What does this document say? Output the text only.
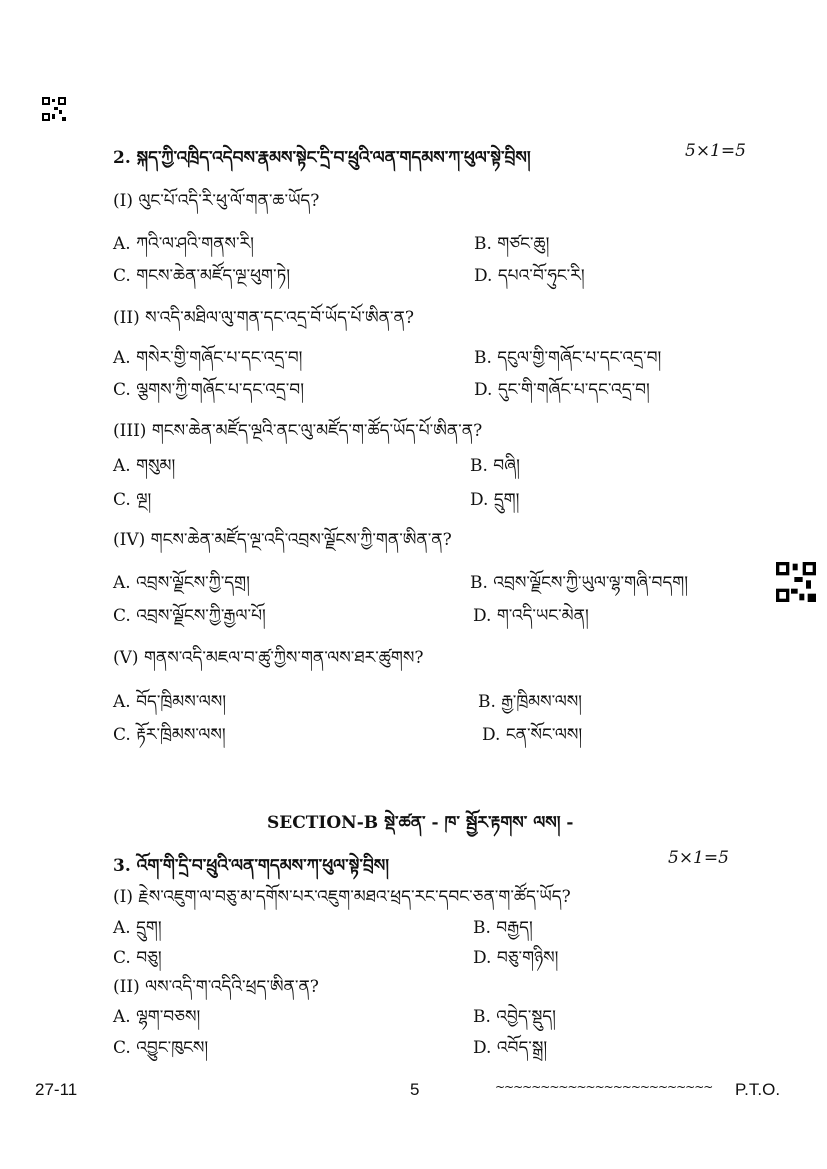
2. སྐད་ཀྱི་འཁྲིད་འདེབས་རྣམས་སྟེང་དྲི་བ་ཕྲུའི་ལན་གདམས་ཀ་ཕུལ་སྟེ་བྲིས།	5×1=5
(I) ལུང་པོ་འདི་རི་ཕུ་ལོ་གན་ཆ་ཡོད?
A. ཀའི་ལ་ཤའི་གནས་རི།	B. གཙང་ཆུ།
C. གངས་ཆེན་མཛོད་ལྔ་ཕུག་ཏེ།	D. དཔའ་བོ་ཧུང་རི།
(II) ས་འདི་མཐིལ་ལུ་གན་དང་འདྲ་བོ་ཡོད་པོ་ཨིན་ན?
A. གསེར་གྱི་གཞོང་པ་དང་འདྲ་བ།	B. དངུལ་གྱི་གཞོང་པ་དང་འདྲ་བ།
C. ལྕགས་ཀྱི་གཞོང་པ་དང་འདྲ་བ།	D. དུང་གི་གཞོང་པ་དང་འདྲ་བ།
(III) གངས་ཆེན་མཛོད་ལྔའི་ནང་ལུ་མཛོད་ག་ཚོད་ཡོད་པོ་ཨིན་ན?
A. གསུམ།	B. བཞི།
C. ལྔ།	D. དྲུག།
(IV) གངས་ཆེན་མཛོད་ལྔ་འདི་འབྲས་ལྗོངས་ཀྱི་གན་ཨིན་ན?
A. འབྲས་ལྗོངས་ཀྱི་དགྲ།	B. འབྲས་ལྗོངས་ཀྱི་ཡུལ་ལྷ་གཞི་བདག།
C. འབྲས་ལྗོངས་ཀྱི་རྒྱལ་པོ།	D. ག་འདི་ཡང་མེན།
(V) གནས་འདི་མཇལ་བ་ཚུ་ཀྱིས་གན་ལས་ཐར་ཚུགས?
A. བོད་ཁྲིམས་ལས།	B. རྒྱ་ཁྲིམས་ལས།
C. རྟོར་ཁྲིམས་ལས།	D. ངན་སོང་ལས།
SECTION-B སྡེ་ཚན་ - ཁ་ སྦྱོར་རྟགས་ ལས། -
3. འོག་གི་དྲི་བ་ཕྲུའི་ལན་གདམས་ཀ་ཕུལ་སྟེ་བྲིས།	5×1=5
(I) རྗེས་འཇུག་ལ་བཅུ་མ་དགོས་པར་འཇུག་མཐའ་ཕྲད་རང་དབང་ཅན་ག་ཚོད་ཡོད?
A. དྲུག།	B. བརྒྱད།
C. བཅུ།	D. བཅུ་གཉིས།
(II) ལས་འདི་ག་འདིའི་ཕྲད་ཨིན་ན?
A. ལྷག་བཅས།	B. འབྱེད་སྡུད།
C. འབྱུང་ཁུངས།	D. འབོད་སྒྲ།
27-11	5	~~~~~~~~~~~~~~~~~~~~~~~~ P.T.O.
